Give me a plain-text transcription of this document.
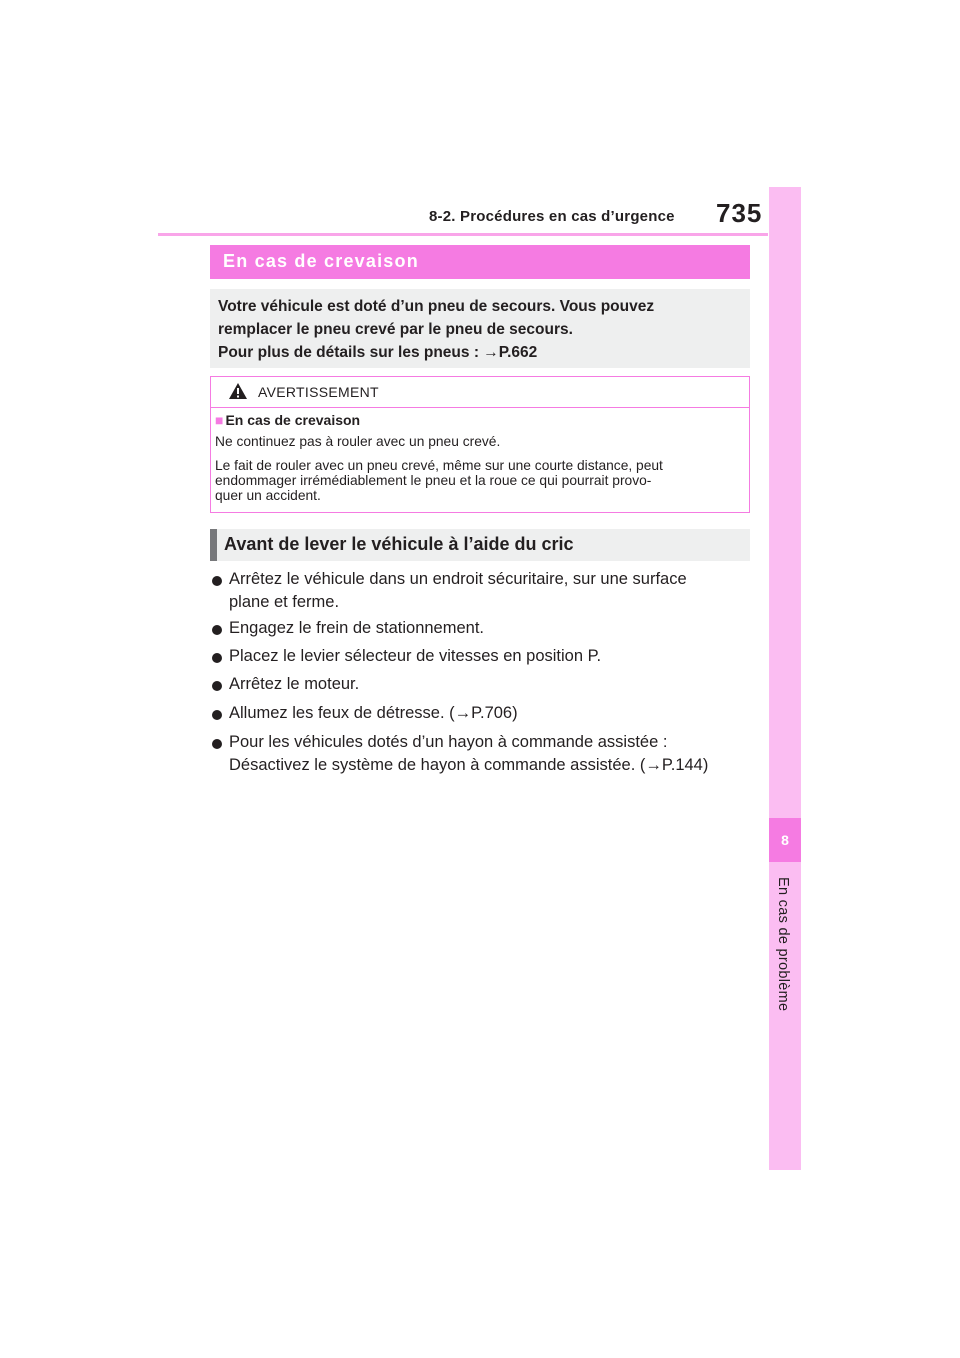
8-2. Procédures en cas d’urgence 735
8
En cas de problème
En cas de crevaison
Votre véhicule est doté d’un pneu de secours. Vous pouvez
remplacer le pneu crevé par le pneu de secours.
Pour plus de détails sur les pneus : →P.662
AVERTISSEMENT
■ En cas de crevaison
Ne continuez pas à rouler avec un pneu crevé.
Le fait de rouler avec un pneu crevé, même sur une courte distance, peut
endommager irrémédiablement le pneu et la roue ce qui pourrait provo-
quer un accident.
Avant de lever le véhicule à l’aide du cric
Arrêtez le véhicule dans un endroit sécuritaire, sur une surface
plane et ferme.
Engagez le frein de stationnement.
Placez le levier sélecteur de vitesses en position P.
Arrêtez le moteur.
Allumez les feux de détresse. (→P.706)
Pour les véhicules dotés d’un hayon à commande assistée :
Désactivez le système de hayon à commande assistée. (→P.144)
